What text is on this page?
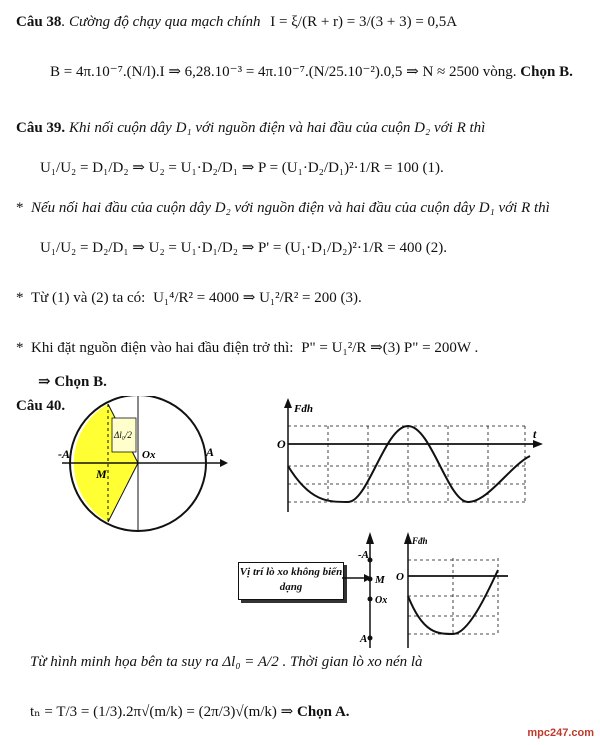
Câu 38. Cường độ chạy qua mạch chính I = ξ/(R + r) = 3/(3 + 3) = 0,5A
B = 4π.10⁻⁷.(N/l).I ⇒ 6,28.10⁻³ = 4π.10⁻⁷.(N/25.10⁻²).0,5 ⇒ N ≈ 2500 vòng. Chọn B.
Câu 39. Khi nối cuộn dây D₁ với nguồn điện và hai đầu của cuộn D₂ với R thì
U₁/U₂ = D₁/D₂ ⇒ U₂ = U₁·D₂/D₁ ⇒ P = (U₁·D₂/D₁)²·1/R = 100 (1).
*  Nếu nối hai đầu của cuộn dây D₂ với nguồn điện và hai đầu của cuộn dây D₁ với R thì
U₁/U₂ = D₂/D₁ ⇒ U₂ = U₁·D₁/D₂ ⇒ P' = (U₁·D₁/D₂)²·1/R = 400 (2).
*  Từ (1) và (2) ta có: U₁⁴/R² = 4000 ⇒ U₁²/R² = 200 (3).
*  Khi đặt nguồn điện vào hai đầu điện trở thì: P" = U₁²/R ⇒(3) P" = 200W .
⇒ Chọn B.
Câu 40.
Δl₀/2
-A	A
M
Ox
Fđh
O
t
Vị trí lò xo không biến dạng
-A
M
Ox
A
Fđh
O
Từ hình minh họa bên ta suy ra Δl₀ = A/2 . Thời gian lò xo nén là
tₙ = T/3 = (1/3).2π√(m/k) = (2π/3)√(m/k) ⇒ Chọn A.
mpc247.com
